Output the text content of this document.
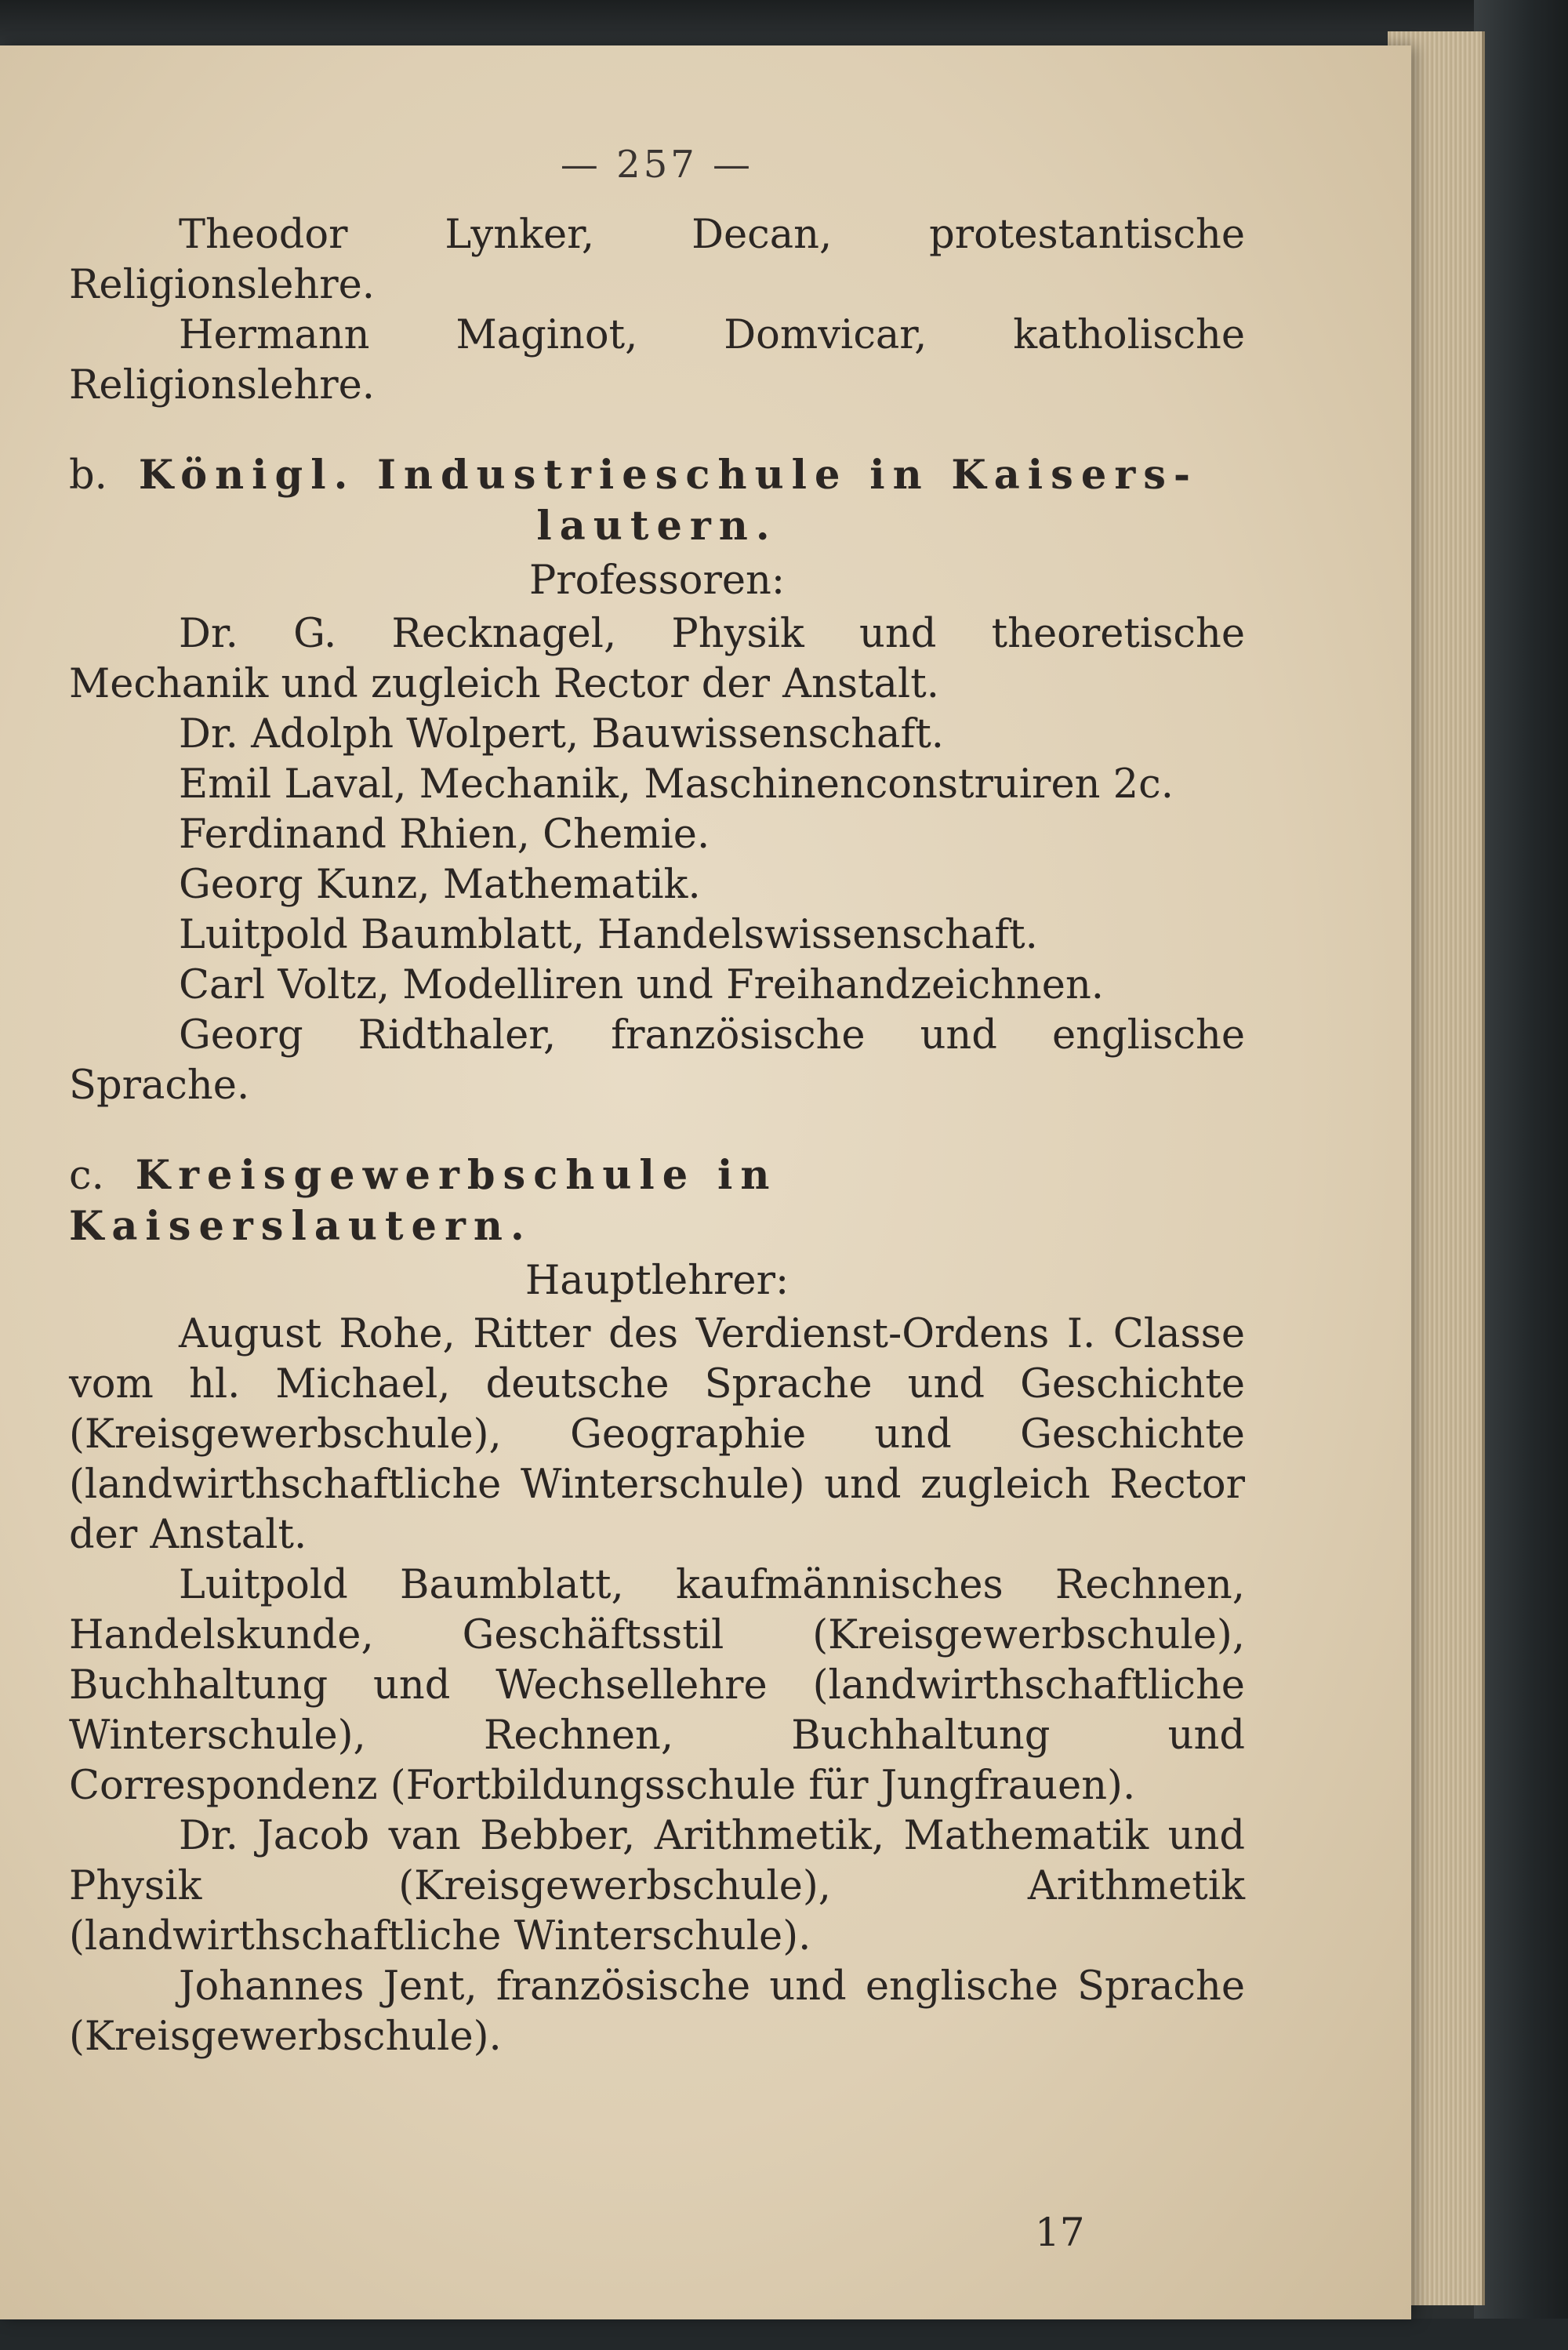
— 257 —

Theodor Lynker, Decan, protestantische Religionslehre.

Hermann Maginot, Domvicar, katholische Religionslehre.

b. Königl. Industrieschule in Kaisers-
lautern.
Professoren:

Dr. G. Recknagel, Physik und theoretische Mechanik und zugleich Rector der Anstalt.

Dr. Adolph Wolpert, Bauwissenschaft.

Emil Laval, Mechanik, Maschinenconstruiren 2c.

Ferdinand Rhien, Chemie.

Georg Kunz, Mathematik.

Luitpold Baumblatt, Handelswissenschaft.

Carl Voltz, Modelliren und Freihandzeichnen.

Georg Ridthaler, französische und englische Sprache.

c. Kreisgewerbschule in Kaiserslautern.
Hauptlehrer:

August Rohe, Ritter des Verdienst-Ordens I. Classe vom hl. Michael, deutsche Sprache und Geschichte (Kreisgewerbschule), Geographie und Geschichte (landwirthschaftliche Winterschule) und zugleich Rector der Anstalt.

Luitpold Baumblatt, kaufmännisches Rechnen, Handelskunde, Geschäftsstil (Kreisgewerbschule), Buchhaltung und Wechsellehre (landwirthschaftliche Winterschule), Rechnen, Buchhaltung und Correspondenz (Fortbildungsschule für Jungfrauen).

Dr. Jacob van Bebber, Arithmetik, Mathematik und Physik (Kreisgewerbschule), Arithmetik (landwirthschaftliche Winterschule).

Johannes Jent, französische und englische Sprache (Kreisgewerbschule).

17
